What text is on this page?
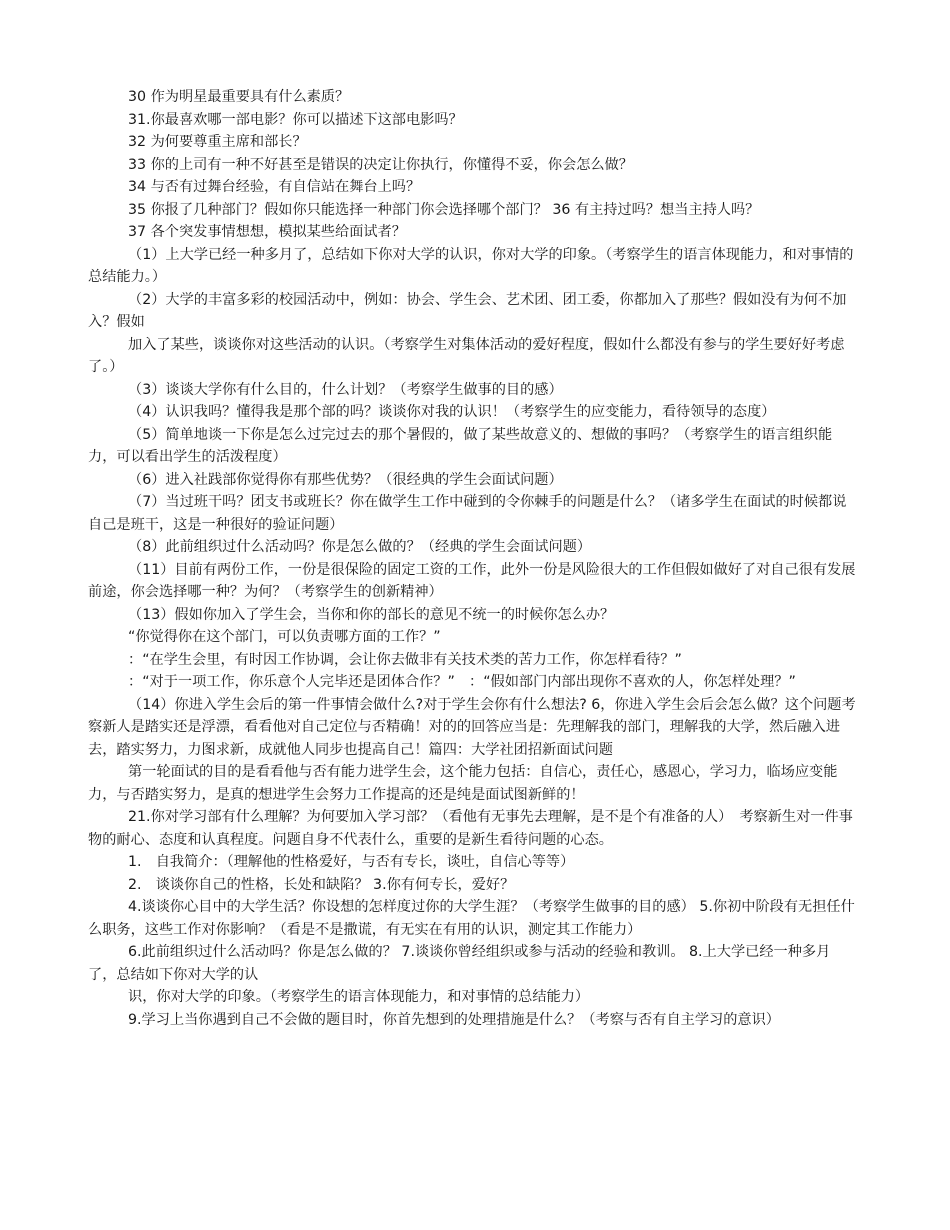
30 作为明星最重要具有什么素质？

31.你最喜欢哪一部电影？你可以描述下这部电影吗？

32 为何要尊重主席和部长？

33 你的上司有一种不好甚至是错误的决定让你执行，你懂得不妥，你会怎么做？

34 与否有过舞台经验，有自信站在舞台上吗？

35 你报了几种部门？假如你只能选择一种部门你会选择哪个部门？ 36 有主持过吗？想当主持人吗？

37 各个突发事情想想，模拟某些给面试者？

（1）上大学已经一种多月了，总结如下你对大学的认识，你对大学的印象。（考察学生的语言体现能力，和对事情的总结能力。）

（2）大学的丰富多彩的校园活动中，例如：协会、学生会、艺术团、团工委，你都加入了那些？假如没有为何不加入？假如

加入了某些，谈谈你对这些活动的认识。（考察学生对集体活动的爱好程度，假如什么都没有参与的学生要好好考虑了。）

（3）谈谈大学你有什么目的，什么计划？（考察学生做事的目的感）

（4）认识我吗？懂得我是那个部的吗？谈谈你对我的认识！（考察学生的应变能力，看待领导的态度）

（5）简单地谈一下你是怎么过完过去的那个暑假的，做了某些故意义的、想做的事吗？（考察学生的语言组织能力，可以看出学生的活泼程度）

（6）进入社践部你觉得你有那些优势？（很经典的学生会面试问题）

（7）当过班干吗？团支书或班长？你在做学生工作中碰到的令你棘手的问题是什么？（诸多学生在面试的时候都说自己是班干，这是一种很好的验证问题）

（8）此前组织过什么活动吗？你是怎么做的？（经典的学生会面试问题）

（11）目前有两份工作，一份是很保险的固定工资的工作，此外一份是风险很大的工作但假如做好了对自己很有发展前途，你会选择哪一种？为何？（考察学生的创新精神）

（13）假如你加入了学生会，当你和你的部长的意见不统一的时候你怎么办？

“你觉得你在这个部门，可以负责哪方面的工作？”

：“在学生会里，有时因工作协调，会让你去做非有关技术类的苦力工作，你怎样看待？”

：“对于一项工作，你乐意个人完毕还是团体合作？”　：“假如部门内部出现你不喜欢的人，你怎样处理？”

（14）你进入学生会后的第一件事情会做什么?对于学生会你有什么想法? 6，你进入学生会后会怎么做？这个问题考察新人是踏实还是浮漂，看看他对自己定位与否精确！对的的回答应当是：先理解我的部门，理解我的大学，然后融入进去，踏实努力，力图求新，成就他人同步也提高自己！篇四：大学社团招新面试问题

第一轮面试的目的是看看他与否有能力进学生会，这个能力包括：自信心，责任心，感恩心，学习力，临场应变能力，与否踏实努力，是真的想进学生会努力工作提高的还是纯是面试图新鲜的！

21.你对学习部有什么理解？为何要加入学习部？（看他有无事先去理解，是不是个有准备的人）　考察新生对一件事物的耐心、态度和认真程度。问题自身不代表什么，重要的是新生看待问题的心态。

1.　自我简介：（理解他的性格爱好，与否有专长，谈吐，自信心等等）

2.　谈谈你自己的性格，长处和缺陷？ 3.你有何专长，爱好？

4.谈谈你心目中的大学生活？你设想的怎样度过你的大学生涯？（考察学生做事的目的感） 5.你初中阶段有无担任什么职务，这些工作对你影响？（看是不是撒谎，有无实在有用的认识，测定其工作能力）

6.此前组织过什么活动吗？你是怎么做的？ 7.谈谈你曾经组织或参与活动的经验和教训。 8.上大学已经一种多月了，总结如下你对大学的认

识，你对大学的印象。（考察学生的语言体现能力，和对事情的总结能力）

9.学习上当你遇到自己不会做的题目时，你首先想到的处理措施是什么？（考察与否有自主学习的意识）
